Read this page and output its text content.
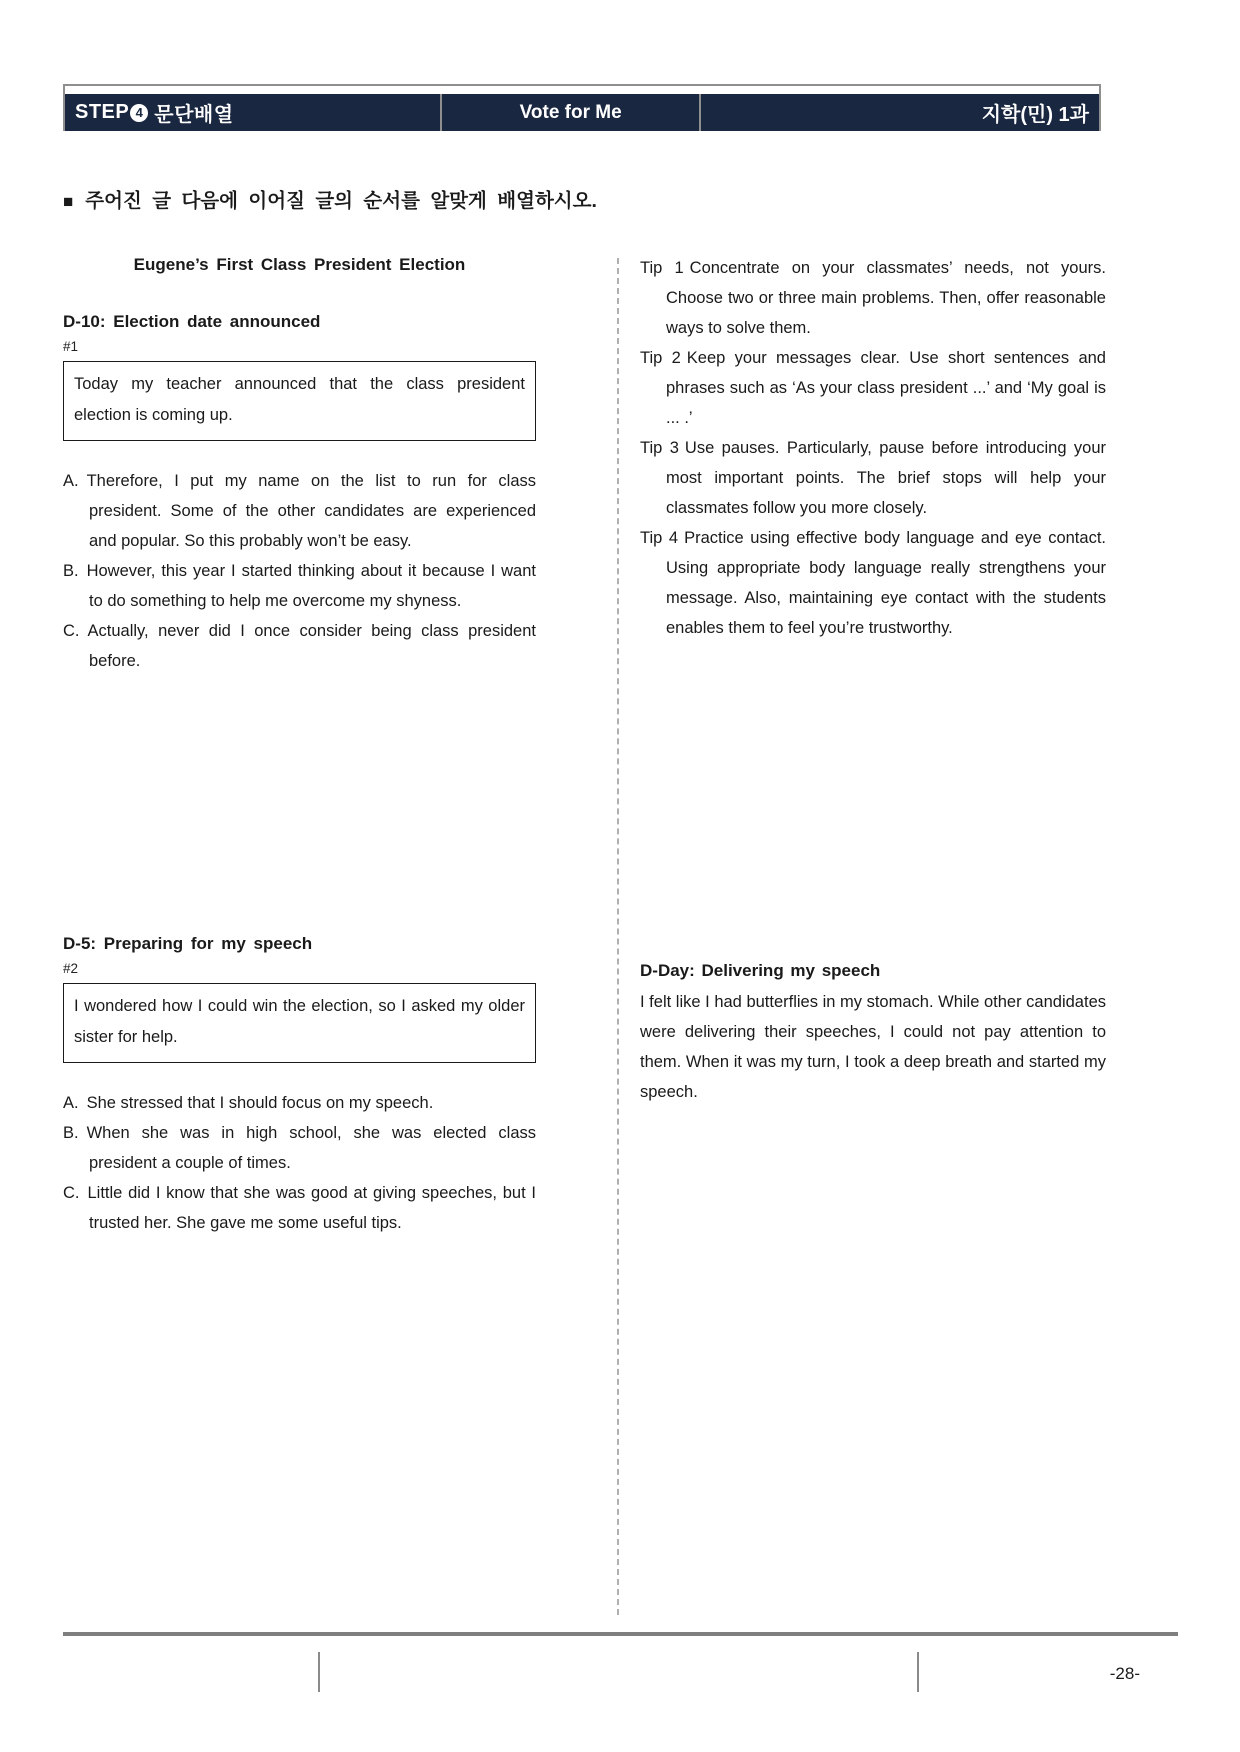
STEP 4 문단배열	Vote for Me	지학(민) 1과
■ 주어진 글 다음에 이어질 글의 순서를 알맞게 배열하시오.
Eugene’s First Class President Election
D-10: Election date announced
#1
Today my teacher announced that the class president election is coming up.
A. Therefore, I put my name on the list to run for class president. Some of the other candidates are experienced and popular. So this probably won’t be easy.
B. However, this year I started thinking about it because I want to do something to help me overcome my shyness.
C. Actually, never did I once consider being class president before.
D-5: Preparing for my speech
#2
I wondered how I could win the election, so I asked my older sister for help.
A. She stressed that I should focus on my speech.
B. When she was in high school, she was elected class president a couple of times.
C. Little did I know that she was good at giving speeches, but I trusted her. She gave me some useful tips.
Tip 1 Concentrate on your classmates’ needs, not yours. Choose two or three main problems. Then, offer reasonable ways to solve them.
Tip 2 Keep your messages clear. Use short sentences and phrases such as ‘As your class president ...’ and ‘My goal is ... .’
Tip 3 Use pauses. Particularly, pause before introducing your most important points. The brief stops will help your classmates follow you more closely.
Tip 4 Practice using effective body language and eye contact. Using appropriate body language really strengthens your message. Also, maintaining eye contact with the students enables them to feel you’re trustworthy.
D-Day: Delivering my speech
I felt like I had butterflies in my stomach. While other candidates were delivering their speeches, I could not pay attention to them. When it was my turn, I took a deep breath and started my speech.
-28-
